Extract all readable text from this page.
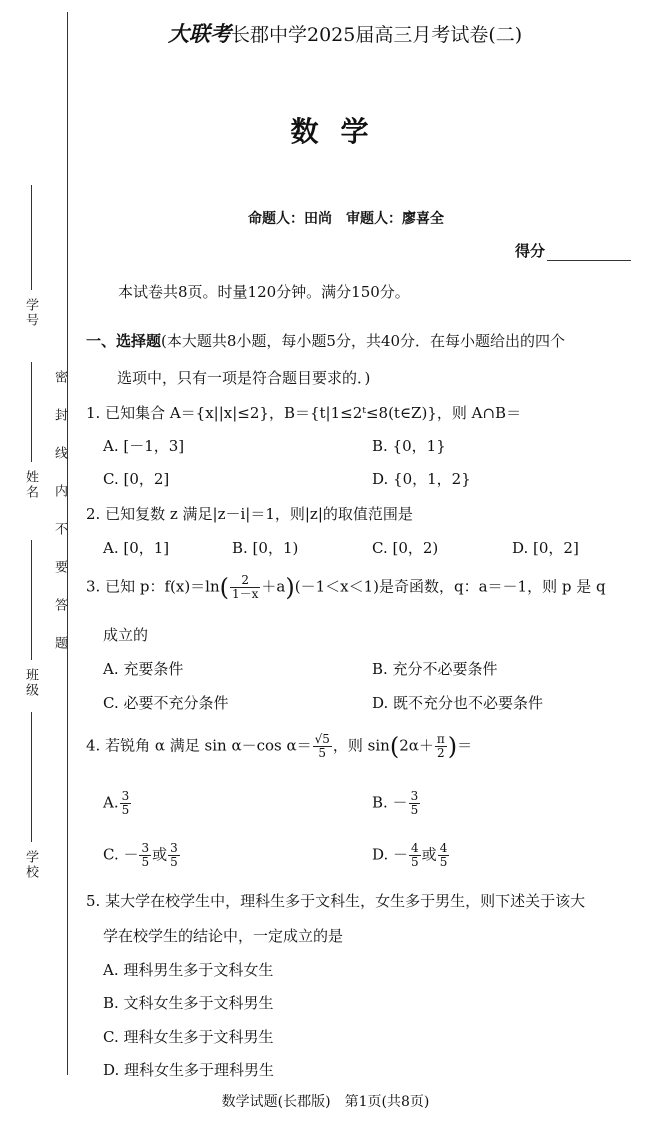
学号
姓名
班级
学校
密封线内不要答题
大联考长郡中学2025届高三月考试卷(二)
数学
命题人：田尚　审题人：廖喜全
得分
本试卷共8页。时量120分钟。满分150分。
一、选择题(本大题共8小题，每小题5分，共40分．在每小题给出的四个
选项中，只有一项是符合题目要求的．)
1. 已知集合 A＝{x||x|≤2}，B＝{t|1≤2ᵗ≤8(t∈Z)}，则 A∩B＝
A. [－1，3]	B. {0，1}
C. [0，2]	D. {0，1，2}
2. 已知复数 z 满足|z－i|＝1，则|z|的取值范围是
A. [0，1]	B. [0，1)	C. [0，2)	D. [0，2]
3. 已知 p：$f(x)=\ln( \frac{2}{1-x} +a)(-1<x<1)$是奇函数，q：a＝－1，则 p 是 q
成立的
A. 充要条件	B. 充分不必要条件
C. 必要不充分条件	D. 既不充分也不必要条件
4. 若锐角 α 满足 sin α－cos $\alpha= \frac{√5}{5}$ ，则 $\sin(2\alpha+ \frac{\pi}{2}$ )＝
A. $\frac{3}{5}$	B. － $\frac{3}{5}$
C. － $\frac{3}{5}$ 或 $\frac{3}{5}$	D. － $\frac{4}{5}$ 或 $\frac{4}{5}$
5. 某大学在校学生中，理科生多于文科生，女生多于男生，则下述关于该大
学在校学生的结论中，一定成立的是
A. 理科男生多于文科女生
B. 文科女生多于文科男生
C. 理科女生多于文科男生
D. 理科女生多于理科男生
数学试题(长郡版)　第1页(共8页)
